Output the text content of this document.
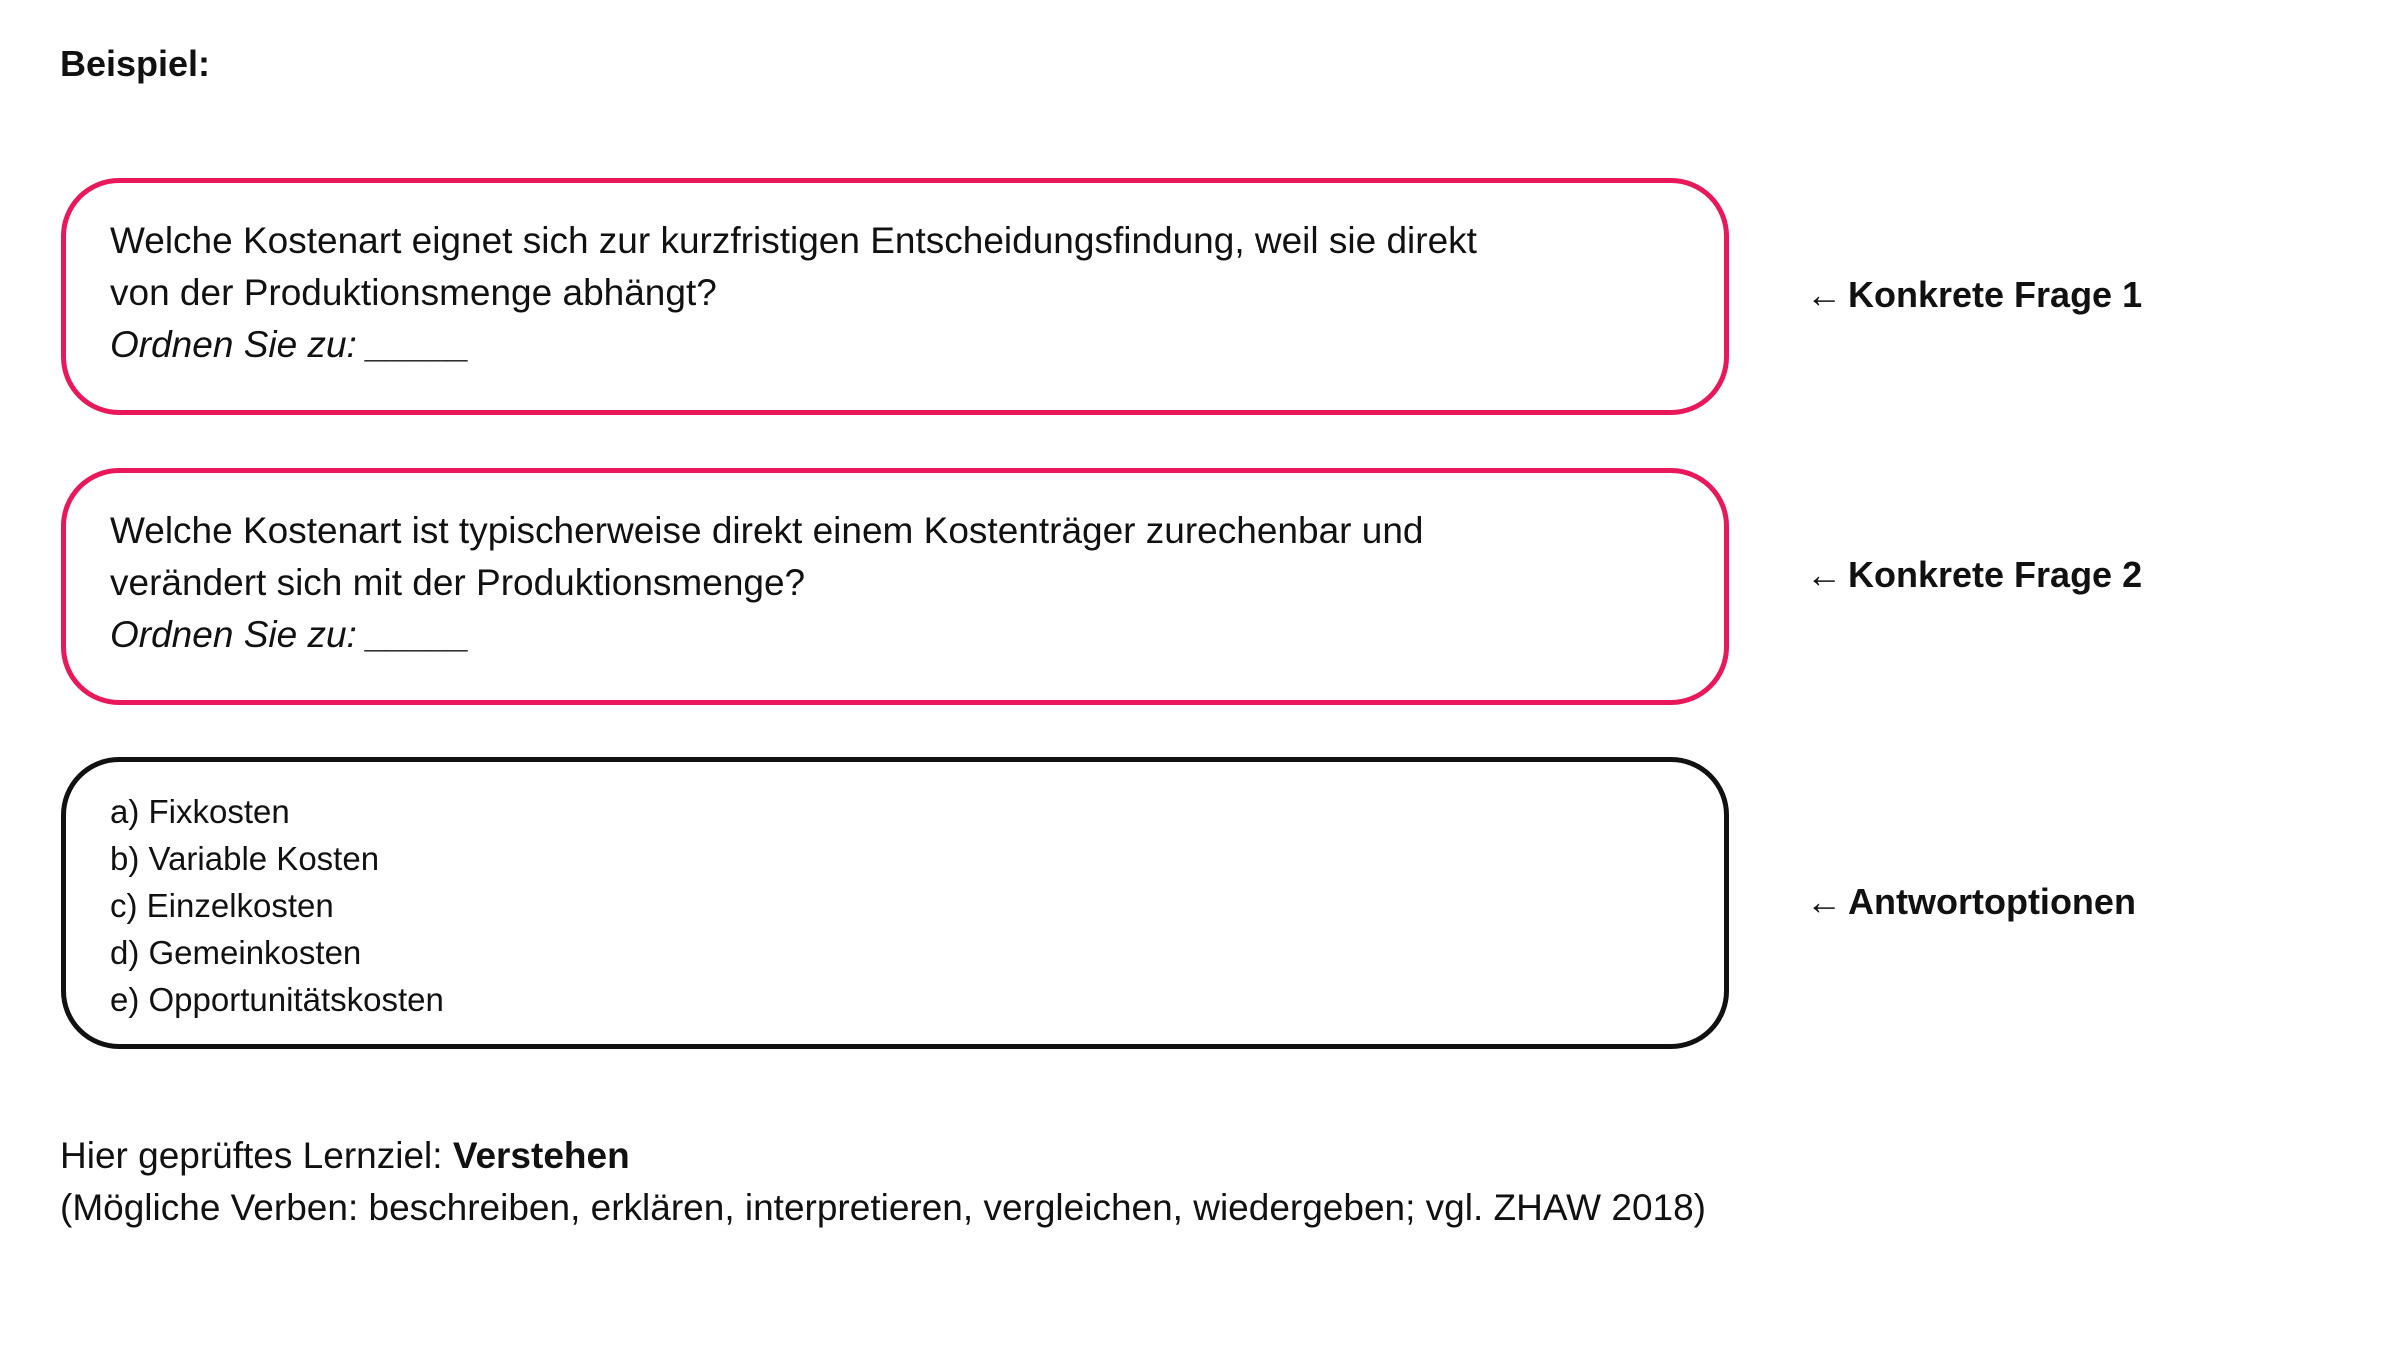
Beispiel:
Welche Kostenart eignet sich zur kurzfristigen Entscheidungsfindung, weil sie direkt
von der Produktionsmenge abhängt?
Ordnen Sie zu: _____
Welche Kostenart ist typischerweise direkt einem Kostenträger zurechenbar und
verändert sich mit der Produktionsmenge?
Ordnen Sie zu: _____
a) Fixkosten
b) Variable Kosten
c) Einzelkosten
d) Gemeinkosten
e) Opportunitätskosten
← Konkrete Frage 1
← Konkrete Frage 2
← Antwortoptionen
Hier geprüftes Lernziel: Verstehen
(Mögliche Verben: beschreiben, erklären, interpretieren, vergleichen, wiedergeben; vgl. ZHAW 2018)
